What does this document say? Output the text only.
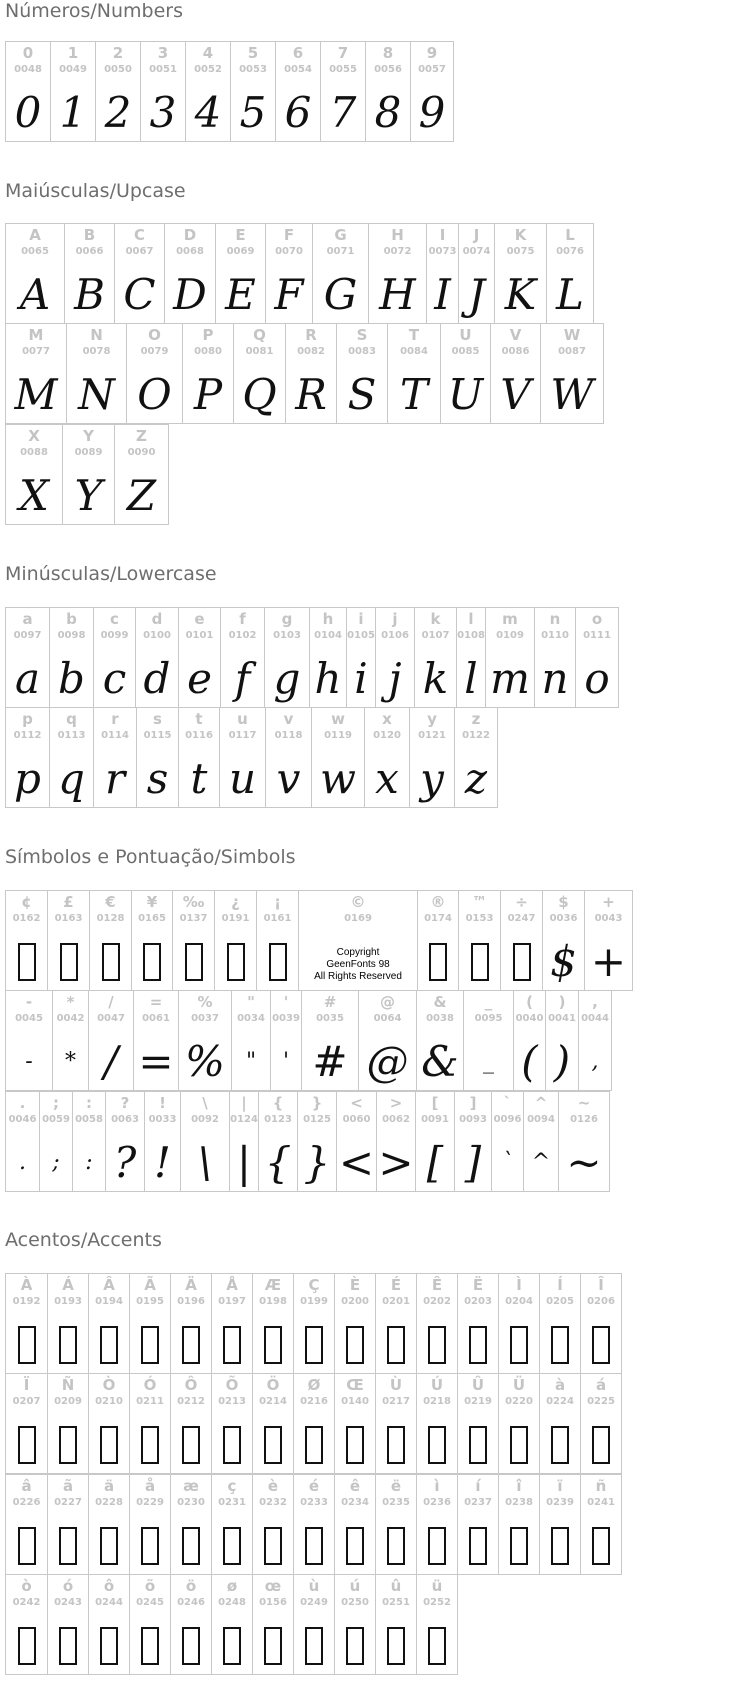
Números/Numbers
0
0048
0
1
0049
1
2
0050
2
3
0051
3
4
0052
4
5
0053
5
6
0054
6
7
0055
7
8
0056
8
9
0057
9
Maiúsculas/Upcase
A
0065
A
B
0066
B
C
0067
C
D
0068
D
E
0069
E
F
0070
F
G
0071
G
H
0072
H
I
0073
I
J
0074
J
K
0075
K
L
0076
L
M
0077
M
N
0078
N
O
0079
O
P
0080
P
Q
0081
Q
R
0082
R
S
0083
S
T
0084
T
U
0085
U
V
0086
V
W
0087
W
X
0088
X
Y
0089
Y
Z
0090
Z
Minúsculas/Lowercase
a
0097
a
b
0098
b
c
0099
c
d
0100
d
e
0101
e
f
0102
f
g
0103
g
h
0104
h
i
0105
i
j
0106
j
k
0107
k
l
0108
l
m
0109
m
n
0110
n
o
0111
o
p
0112
p
q
0113
q
r
0114
r
s
0115
s
t
0116
t
u
0117
u
v
0118
v
w
0119
w
x
0120
x
y
0121
y
z
0122
z
Símbolos e Pontuação/Simbols
¢
0162
£
0163
€
0128
¥
0165
‰
0137
¿
0191
¡
0161
©
0169
Copyright
GeenFonts 98
All Rights Reserved
®
0174
™
0153
÷
0247
$
0036
$
+
0043
+
-
0045
-
*
0042
*
/
0047
/
=
0061
=
%
0037
%
"
0034
"
'
0039
'
#
0035
#
@
0064
@
&
0038
&
_
0095
_
(
0040
(
)
0041
)
,
0044
,
.
0046
.
;
0059
;
:
0058
:
?
0063
?
!
0033
!
\
0092
\
|
0124
|
{
0123
{
}
0125
}
<
0060
<
>
0062
>
[
0091
[
]
0093
]
`
0096
`
^
0094
^
~
0126
~
Acentos/Accents
À
0192
Á
0193
Â
0194
Ã
0195
Ä
0196
Å
0197
Æ
0198
Ç
0199
È
0200
É
0201
Ê
0202
Ë
0203
Ì
0204
Í
0205
Î
0206
Ï
0207
Ñ
0209
Ò
0210
Ó
0211
Ô
0212
Õ
0213
Ö
0214
Ø
0216
Œ
0140
Ù
0217
Ú
0218
Û
0219
Ü
0220
à
0224
á
0225
â
0226
ã
0227
ä
0228
å
0229
æ
0230
ç
0231
è
0232
é
0233
ê
0234
ë
0235
ì
0236
í
0237
î
0238
ï
0239
ñ
0241
ò
0242
ó
0243
ô
0244
õ
0245
ö
0246
ø
0248
œ
0156
ù
0249
ú
0250
û
0251
ü
0252
